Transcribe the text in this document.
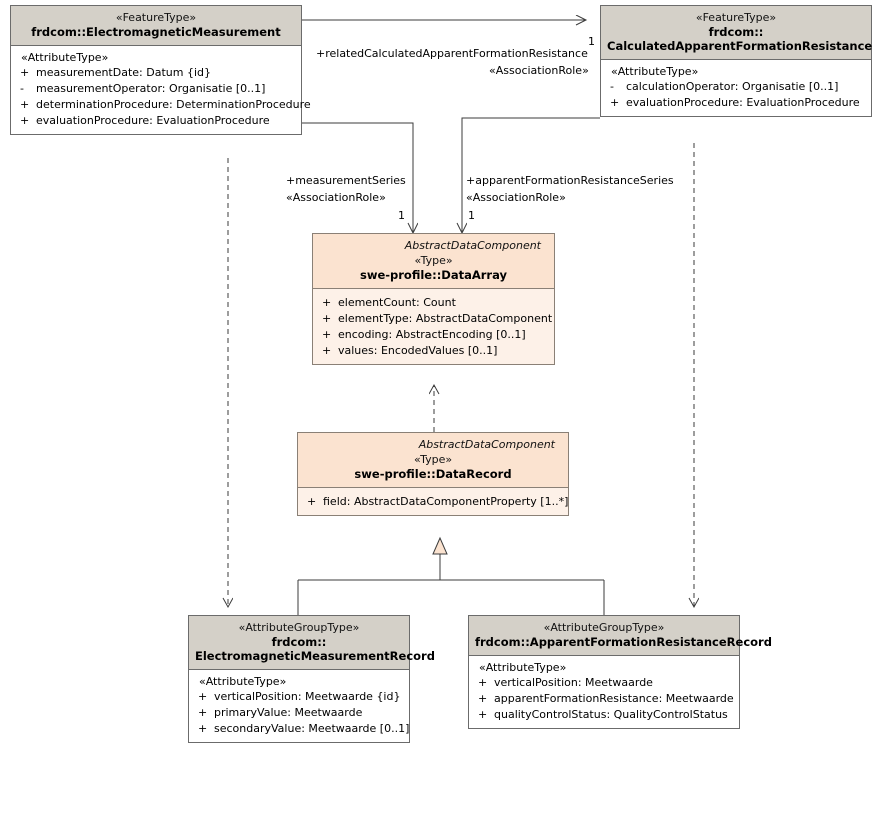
«FeatureType»
frdcom::ElectromagneticMeasurement
«AttributeType»
+ measurementDate: Datum {id}
-	measurementOperator: Organisatie [0..1]
+ determinationProcedure: DeterminationProcedure
+ evaluationProcedure: EvaluationProcedure
«FeatureType»
frdcom::
CalculatedApparentFormationResistance
«AttributeType»
-	calculationOperator: Organisatie [0..1]
+ evaluationProcedure: EvaluationProcedure
AbstractDataComponent
«Type»
swe-profile::DataArray
+ elementCount: Count
+ elementType: AbstractDataComponent
+ encoding: AbstractEncoding [0..1]
+ values: EncodedValues [0..1]
AbstractDataComponent
«Type»
swe-profile::DataRecord
+ field: AbstractDataComponentProperty [1..*]
«AttributeGroupType»
frdcom::
ElectromagneticMeasurementRecord
«AttributeType»
+ verticalPosition: Meetwaarde {id}
+ primaryValue: Meetwaarde
+ secondaryValue: Meetwaarde [0..1]
«AttributeGroupType»
frdcom::ApparentFormationResistanceRecord
«AttributeType»
+ verticalPosition: Meetwaarde
+ apparentFormationResistance: Meetwaarde
+ qualityControlStatus: QualityControlStatus
+relatedCalculatedApparentFormationResistance
«AssociationRole»
1
+measurementSeries
«AssociationRole»
1
+apparentFormationResistanceSeries
«AssociationRole»
1
